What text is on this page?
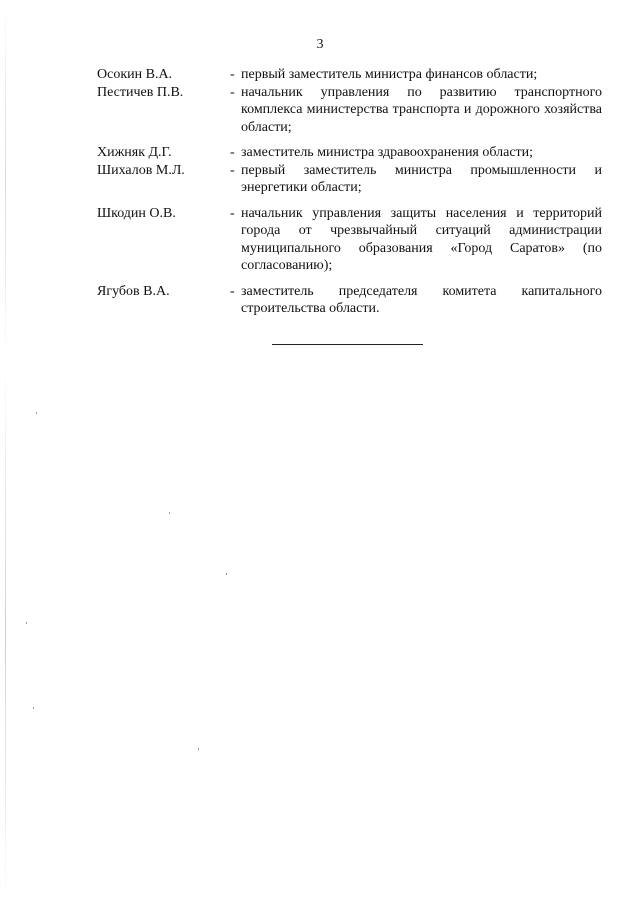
3
Осокин В.А.	- первый заместитель министра финансов области;
Пестичев П.В.	- начальник управления по развитию транспортного комплекса министерства транспорта и дорожного хозяйства области;
Хижняк Д.Г.	- заместитель министра здравоохранения области;
Шихалов М.Л.	- первый заместитель министра промышленности и энергетики области;
Шкодин О.В.	- начальник управления защиты населения и территорий города от чрезвычайный ситуаций администрации муниципального образования «Город Саратов» (по согласованию);
Ягубов В.А.	- заместитель председателя комитета капитального строительства области.
